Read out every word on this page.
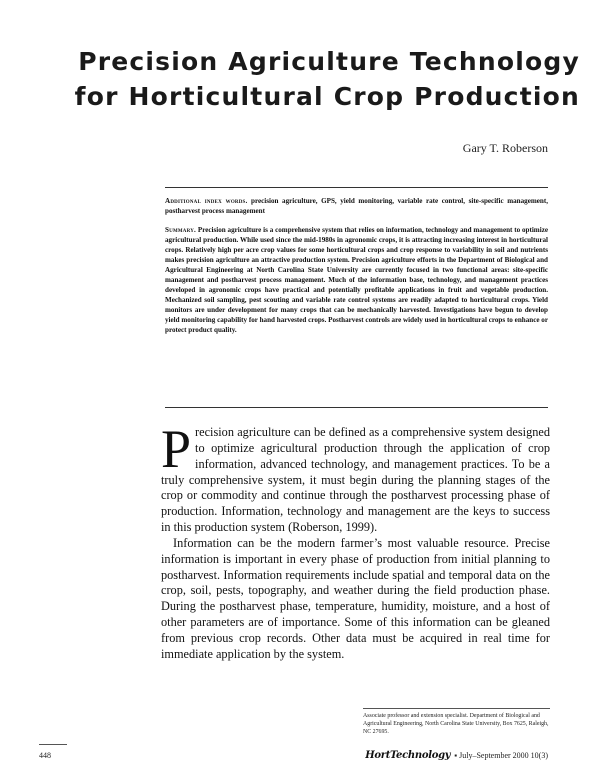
Precision Agriculture Technology
for Horticultural Crop Production
Gary T. Roberson
Additional index words. precision agriculture, GPS, yield monitoring, variable rate control, site-specific management, postharvest process management
Summary. Precision agriculture is a comprehensive system that relies on information, technology and management to optimize agricultural production. While used since the mid-1980s in agronomic crops, it is attracting increasing interest in horticultural crops. Relatively high per acre crop values for some horticultural crops and crop response to variability in soil and nutrients makes precision agriculture an attractive production system. Precision agriculture efforts in the Department of Biological and Agricultural Engineering at North Carolina State University are currently focused in two functional areas: site-specific management and postharvest process management. Much of the information base, technology, and management practices developed in agronomic crops have practical and potentially profitable applications in fruit and vegetable production. Mechanized soil sampling, pest scouting and variable rate control systems are readily adapted to horticultural crops. Yield monitors are under development for many crops that can be mechanically harvested. Investigations have begun to develop yield monitoring capability for hand harvested crops. Postharvest controls are widely used in horticultural crops to enhance or protect product quality.

Precision agriculture can be defined as a comprehensive system designed to optimize agricultural production through the application of crop information, advanced technology, and management practices. To be a truly comprehensive system, it must begin during the planning stages of the crop or commodity and continue through the postharvest processing phase of production. Information, technology and management are the keys to success in this production system (Roberson, 1999).

Information can be the modern farmer’s most valuable resource. Precise information is important in every phase of production from initial planning to postharvest. Information requirements include spatial and temporal data on the crop, soil, pests, topography, and weather during the field production phase. During the postharvest phase, temperature, humidity, moisture, and a host of other parameters are of importance. Some of this information can be gleaned from previous crop records. Other data must be acquired in real time for immediate application by the system.

Associate professor and extension specialist. Department of Biological and Agricultural Engineering, North Carolina State University, Box 7625, Raleigh, NC 27695.
448	HortTechnology ▪ July–September 2000 10(3)
